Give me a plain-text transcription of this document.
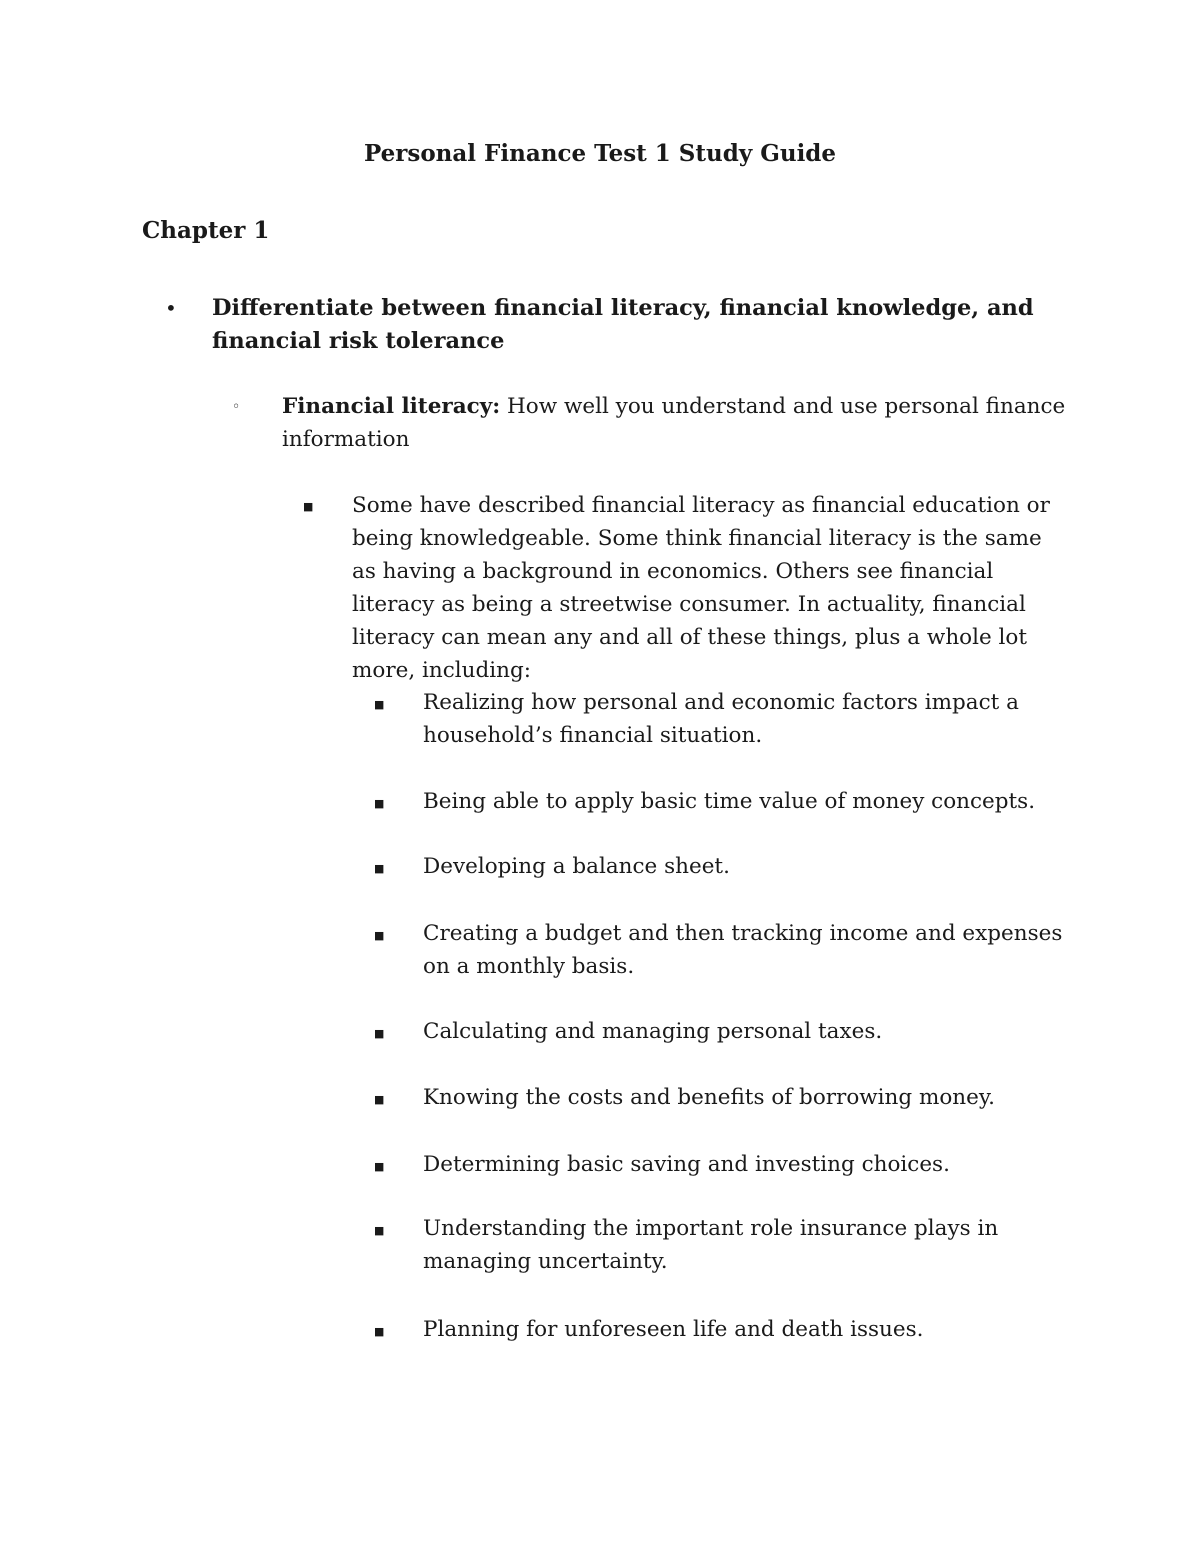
Personal Finance Test 1 Study Guide
Chapter 1
• Differentiate between financial literacy, financial knowledge, and financial risk tolerance

◦ Financial literacy: How well you understand and use personal finance information

■ Some have described financial literacy as financial education or being knowledgeable. Some think financial literacy is the same as having a background in economics. Others see financial literacy as being a streetwise consumer. In actuality, financial literacy can mean any and all of these things, plus a whole lot more, including:

■ Realizing how personal and economic factors impact a household’s financial situation.

■ Being able to apply basic time value of money concepts.

■ Developing a balance sheet.

■ Creating a budget and then tracking income and expenses on a monthly basis.

■ Calculating and managing personal taxes.

■ Knowing the costs and benefits of borrowing money.

■ Determining basic saving and investing choices.

■ Understanding the important role insurance plays in managing uncertainty.

■ Planning for unforeseen life and death issues.
